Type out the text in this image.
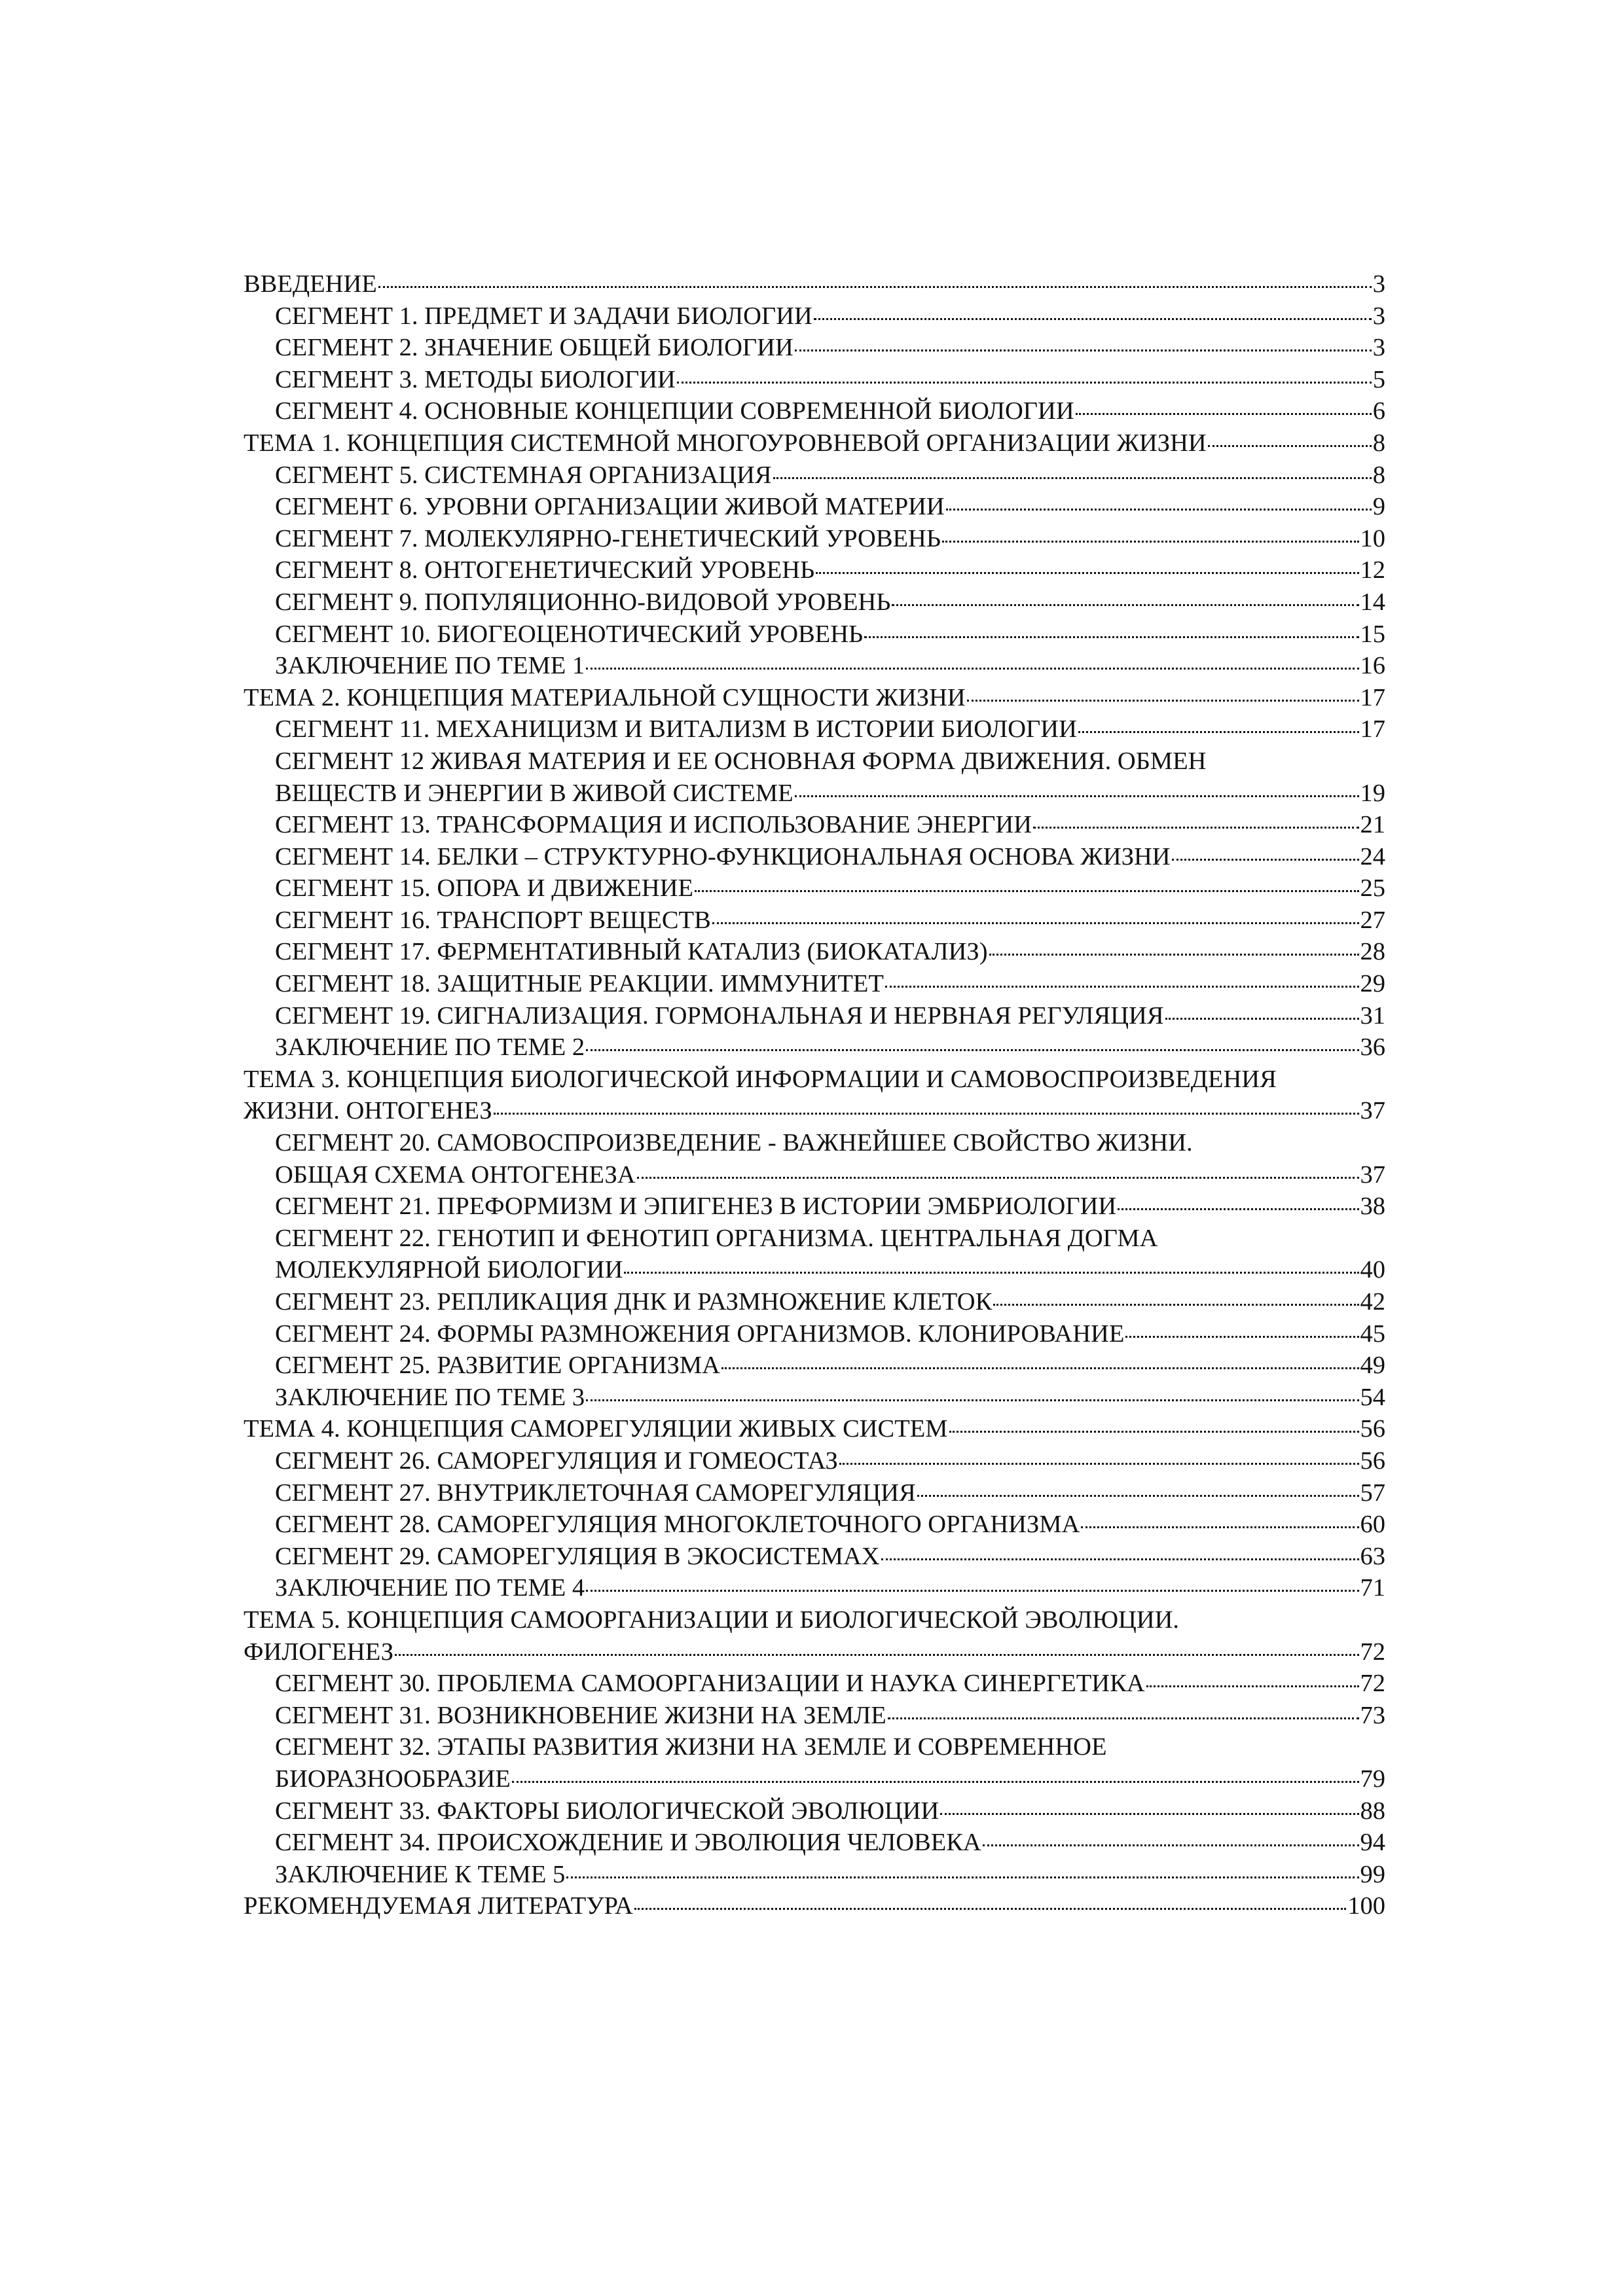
ВВЕДЕНИЕ	3
СЕГМЕНТ 1. ПРЕДМЕТ И ЗАДАЧИ БИОЛОГИИ	3
СЕГМЕНТ 2. ЗНАЧЕНИЕ ОБЩЕЙ БИОЛОГИИ	3
СЕГМЕНТ 3. МЕТОДЫ БИОЛОГИИ	5
СЕГМЕНТ 4. ОСНОВНЫЕ КОНЦЕПЦИИ СОВРЕМЕННОЙ БИОЛОГИИ	6
ТЕМА 1. КОНЦЕПЦИЯ СИСТЕМНОЙ МНОГОУРОВНЕВОЙ ОРГАНИЗАЦИИ ЖИЗНИ	8
СЕГМЕНТ 5. СИСТЕМНАЯ ОРГАНИЗАЦИЯ	8
СЕГМЕНТ 6. УРОВНИ ОРГАНИЗАЦИИ ЖИВОЙ МАТЕРИИ	9
СЕГМЕНТ 7. МОЛЕКУЛЯРНО-ГЕНЕТИЧЕСКИЙ УРОВЕНЬ	10
СЕГМЕНТ 8. ОНТОГЕНЕТИЧЕСКИЙ УРОВЕНЬ	12
СЕГМЕНТ 9. ПОПУЛЯЦИОННО-ВИДОВОЙ УРОВЕНЬ	14
СЕГМЕНТ 10. БИОГЕОЦЕНОТИЧЕСКИЙ УРОВЕНЬ	15
ЗАКЛЮЧЕНИЕ ПО ТЕМЕ 1	16
ТЕМА 2. КОНЦЕПЦИЯ МАТЕРИАЛЬНОЙ СУЩНОСТИ ЖИЗНИ	17
СЕГМЕНТ 11. МЕХАНИЦИЗМ И ВИТАЛИЗМ В ИСТОРИИ БИОЛОГИИ	17
СЕГМЕНТ 12 ЖИВАЯ МАТЕРИЯ И ЕЕ ОСНОВНАЯ ФОРМА ДВИЖЕНИЯ. ОБМЕН
ВЕЩЕСТВ И ЭНЕРГИИ В ЖИВОЙ СИСТЕМЕ	19
СЕГМЕНТ 13. ТРАНСФОРМАЦИЯ И ИСПОЛЬЗОВАНИЕ ЭНЕРГИИ	21
СЕГМЕНТ 14. БЕЛКИ – СТРУКТУРНО-ФУНКЦИОНАЛЬНАЯ ОСНОВА ЖИЗНИ	24
СЕГМЕНТ 15. ОПОРА И ДВИЖЕНИЕ	25
СЕГМЕНТ 16. ТРАНСПОРТ ВЕЩЕСТВ	27
СЕГМЕНТ 17. ФЕРМЕНТАТИВНЫЙ КАТАЛИЗ (БИОКАТАЛИЗ)	28
СЕГМЕНТ 18. ЗАЩИТНЫЕ РЕАКЦИИ. ИММУНИТЕТ	29
СЕГМЕНТ 19. СИГНАЛИЗАЦИЯ. ГОРМОНАЛЬНАЯ И НЕРВНАЯ РЕГУЛЯЦИЯ	31
ЗАКЛЮЧЕНИЕ ПО ТЕМЕ 2	36
ТЕМА 3. КОНЦЕПЦИЯ БИОЛОГИЧЕСКОЙ ИНФОРМАЦИИ И САМОВОСПРОИЗВЕДЕНИЯ
ЖИЗНИ. ОНТОГЕНЕЗ	37
СЕГМЕНТ 20. САМОВОСПРОИЗВЕДЕНИЕ - ВАЖНЕЙШЕЕ СВОЙСТВО ЖИЗНИ.
ОБЩАЯ СХЕМА ОНТОГЕНЕЗА	37
СЕГМЕНТ 21. ПРЕФОРМИЗМ И ЭПИГЕНЕЗ В ИСТОРИИ ЭМБРИОЛОГИИ	38
СЕГМЕНТ 22. ГЕНОТИП И ФЕНОТИП ОРГАНИЗМА. ЦЕНТРАЛЬНАЯ ДОГМА
МОЛЕКУЛЯРНОЙ БИОЛОГИИ	40
СЕГМЕНТ 23. РЕПЛИКАЦИЯ ДНК И РАЗМНОЖЕНИЕ КЛЕТОК	42
СЕГМЕНТ 24. ФОРМЫ РАЗМНОЖЕНИЯ ОРГАНИЗМОВ. КЛОНИРОВАНИЕ	45
СЕГМЕНТ 25. РАЗВИТИЕ ОРГАНИЗМА	49
ЗАКЛЮЧЕНИЕ ПО ТЕМЕ 3	54
ТЕМА 4. КОНЦЕПЦИЯ САМОРЕГУЛЯЦИИ ЖИВЫХ СИСТЕМ	56
СЕГМЕНТ 26. САМОРЕГУЛЯЦИЯ И ГОМЕОСТАЗ	56
СЕГМЕНТ 27. ВНУТРИКЛЕТОЧНАЯ САМОРЕГУЛЯЦИЯ	57
СЕГМЕНТ 28. САМОРЕГУЛЯЦИЯ МНОГОКЛЕТОЧНОГО ОРГАНИЗМА	60
СЕГМЕНТ 29. САМОРЕГУЛЯЦИЯ В ЭКОСИСТЕМАХ	63
ЗАКЛЮЧЕНИЕ ПО ТЕМЕ 4	71
ТЕМА 5. КОНЦЕПЦИЯ САМООРГАНИЗАЦИИ И БИОЛОГИЧЕСКОЙ ЭВОЛЮЦИИ.
ФИЛОГЕНЕЗ	72
СЕГМЕНТ 30. ПРОБЛЕМА САМООРГАНИЗАЦИИ И НАУКА СИНЕРГЕТИКА	72
СЕГМЕНТ 31. ВОЗНИКНОВЕНИЕ ЖИЗНИ НА ЗЕМЛЕ	73
СЕГМЕНТ 32. ЭТАПЫ РАЗВИТИЯ ЖИЗНИ НА ЗЕМЛЕ И СОВРЕМЕННОЕ
БИОРАЗНООБРАЗИЕ	79
СЕГМЕНТ 33. ФАКТОРЫ БИОЛОГИЧЕСКОЙ ЭВОЛЮЦИИ	88
СЕГМЕНТ 34. ПРОИСХОЖДЕНИЕ И ЭВОЛЮЦИЯ ЧЕЛОВЕКА	94
ЗАКЛЮЧЕНИЕ К ТЕМЕ 5	99
РЕКОМЕНДУЕМАЯ ЛИТЕРАТУРА	100
